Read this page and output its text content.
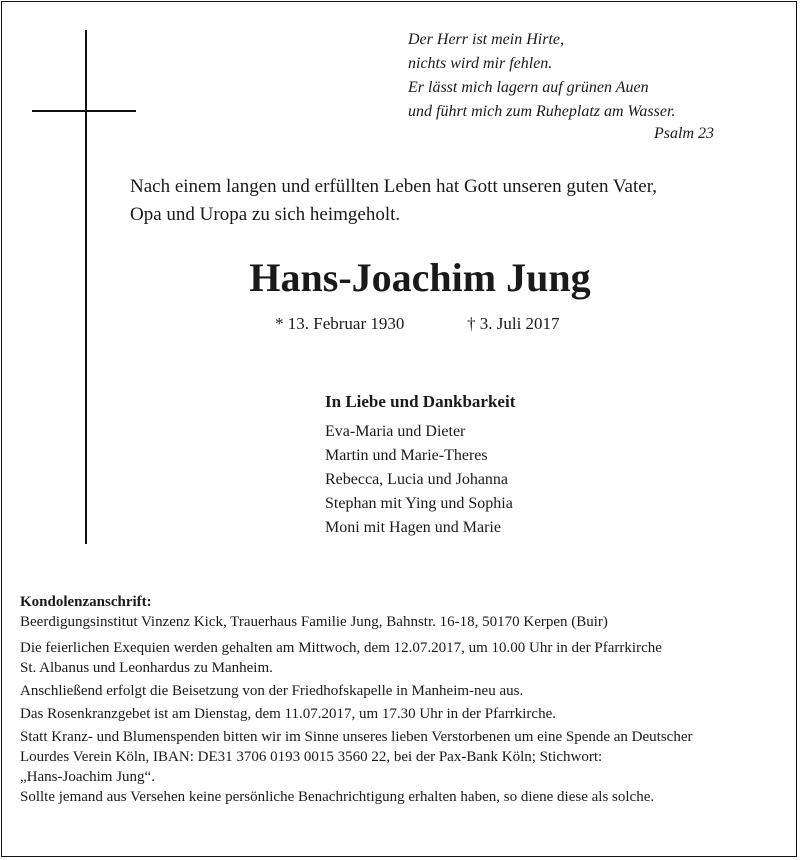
Der Herr ist mein Hirte,
nichts wird mir fehlen.
Er lässt mich lagern auf grünen Auen
und führt mich zum Ruheplatz am Wasser.
Psalm 23
Nach einem langen und erfüllten Leben hat Gott unseren guten Vater,
Opa und Uropa zu sich heimgeholt.
Hans-Joachim Jung
* 13. Februar 1930	† 3. Juli 2017
In Liebe und Dankbarkeit
Eva-Maria und Dieter
Martin und Marie-Theres
Rebecca, Lucia und Johanna
Stephan mit Ying und Sophia
Moni mit Hagen und Marie

Kondolenzanschrift:

Beerdigungsinstitut Vinzenz Kick, Trauerhaus Familie Jung, Bahnstr. 16-18, 50170 Kerpen (Buir)

Die feierlichen Exequien werden gehalten am Mittwoch, dem 12.07.2017, um 10.00 Uhr in der Pfarrkirche

St. Albanus und Leonhardus zu Manheim.

Anschließend erfolgt die Beisetzung von der Friedhofskapelle in Manheim-neu aus.

Das Rosenkranzgebet ist am Dienstag, dem 11.07.2017, um 17.30 Uhr in der Pfarrkirche.

Statt Kranz- und Blumenspenden bitten wir im Sinne unseres lieben Verstorbenen um eine Spende an Deutscher

Lourdes Verein Köln, IBAN: DE31 3706 0193 0015 3560 22, bei der Pax-Bank Köln; Stichwort:

„Hans-Joachim Jung“.

Sollte jemand aus Versehen keine persönliche Benachrichtigung erhalten haben, so diene diese als solche.
